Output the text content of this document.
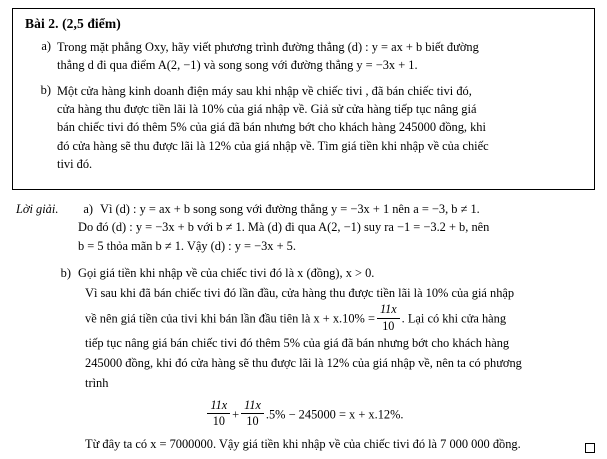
Bài 2. (2,5 điểm)
a) Trong mặt phẳng Oxy, hãy viết phương trình đường thẳng (d) : y = ax + b biết đường
thẳng d đi qua điểm A(2, −1) và song song với đường thẳng y = −3x + 1.
b) Một cửa hàng kinh doanh điện máy sau khi nhập về chiếc tivi , đã bán chiếc tivi đó,
cửa hàng thu được tiền lãi là 10% của giá nhập về. Giả sử cửa hàng tiếp tục nâng giá
bán chiếc tivi đó thêm 5% của giá đã bán nhưng bớt cho khách hàng 245000 đồng, khi
đó cửa hàng sẽ thu được lãi là 12% của giá nhập về. Tìm giá tiền khi nhập về của chiếc
tivi đó.
Lời giải.	a) Vì (d) : y = ax + b song song với đường thẳng y = −3x + 1 nên a = −3, b ≠ 1.
Do đó (d) : y = −3x + b với b ≠ 1. Mà (d) đi qua A(2, −1) suy ra −1 = −3.2 + b, nên
b = 5 thỏa mãn b ≠ 1. Vậy (d) : y = −3x + 5.
b) Gọi giá tiền khi nhập về của chiếc tivi đó là x (đồng), x > 0.
Vì sau khi đã bán chiếc tivi đó lần đầu, cửa hàng thu được tiền lãi là 10% của giá nhập
về nên giá tiền của tivi khi bán lần đầu tiên là $x + x.10\% = \frac{11x}{10}$ . Lại có khi cửa hàng
tiếp tục nâng giá bán chiếc tivi đó thêm 5% của giá đã bán nhưng bớt cho khách hàng
245000 đồng, khi đó cửa hàng sẽ thu được lãi là 12% của giá nhập về, nên ta có phương
trình
$\frac{11x}{10} + \frac{11x}{10} .5\% - 245000 = x + x.12\%$.
Từ đây ta có x = 7000000. Vậy giá tiền khi nhập về của chiếc tivi đó là 7 000 000 đồng.
